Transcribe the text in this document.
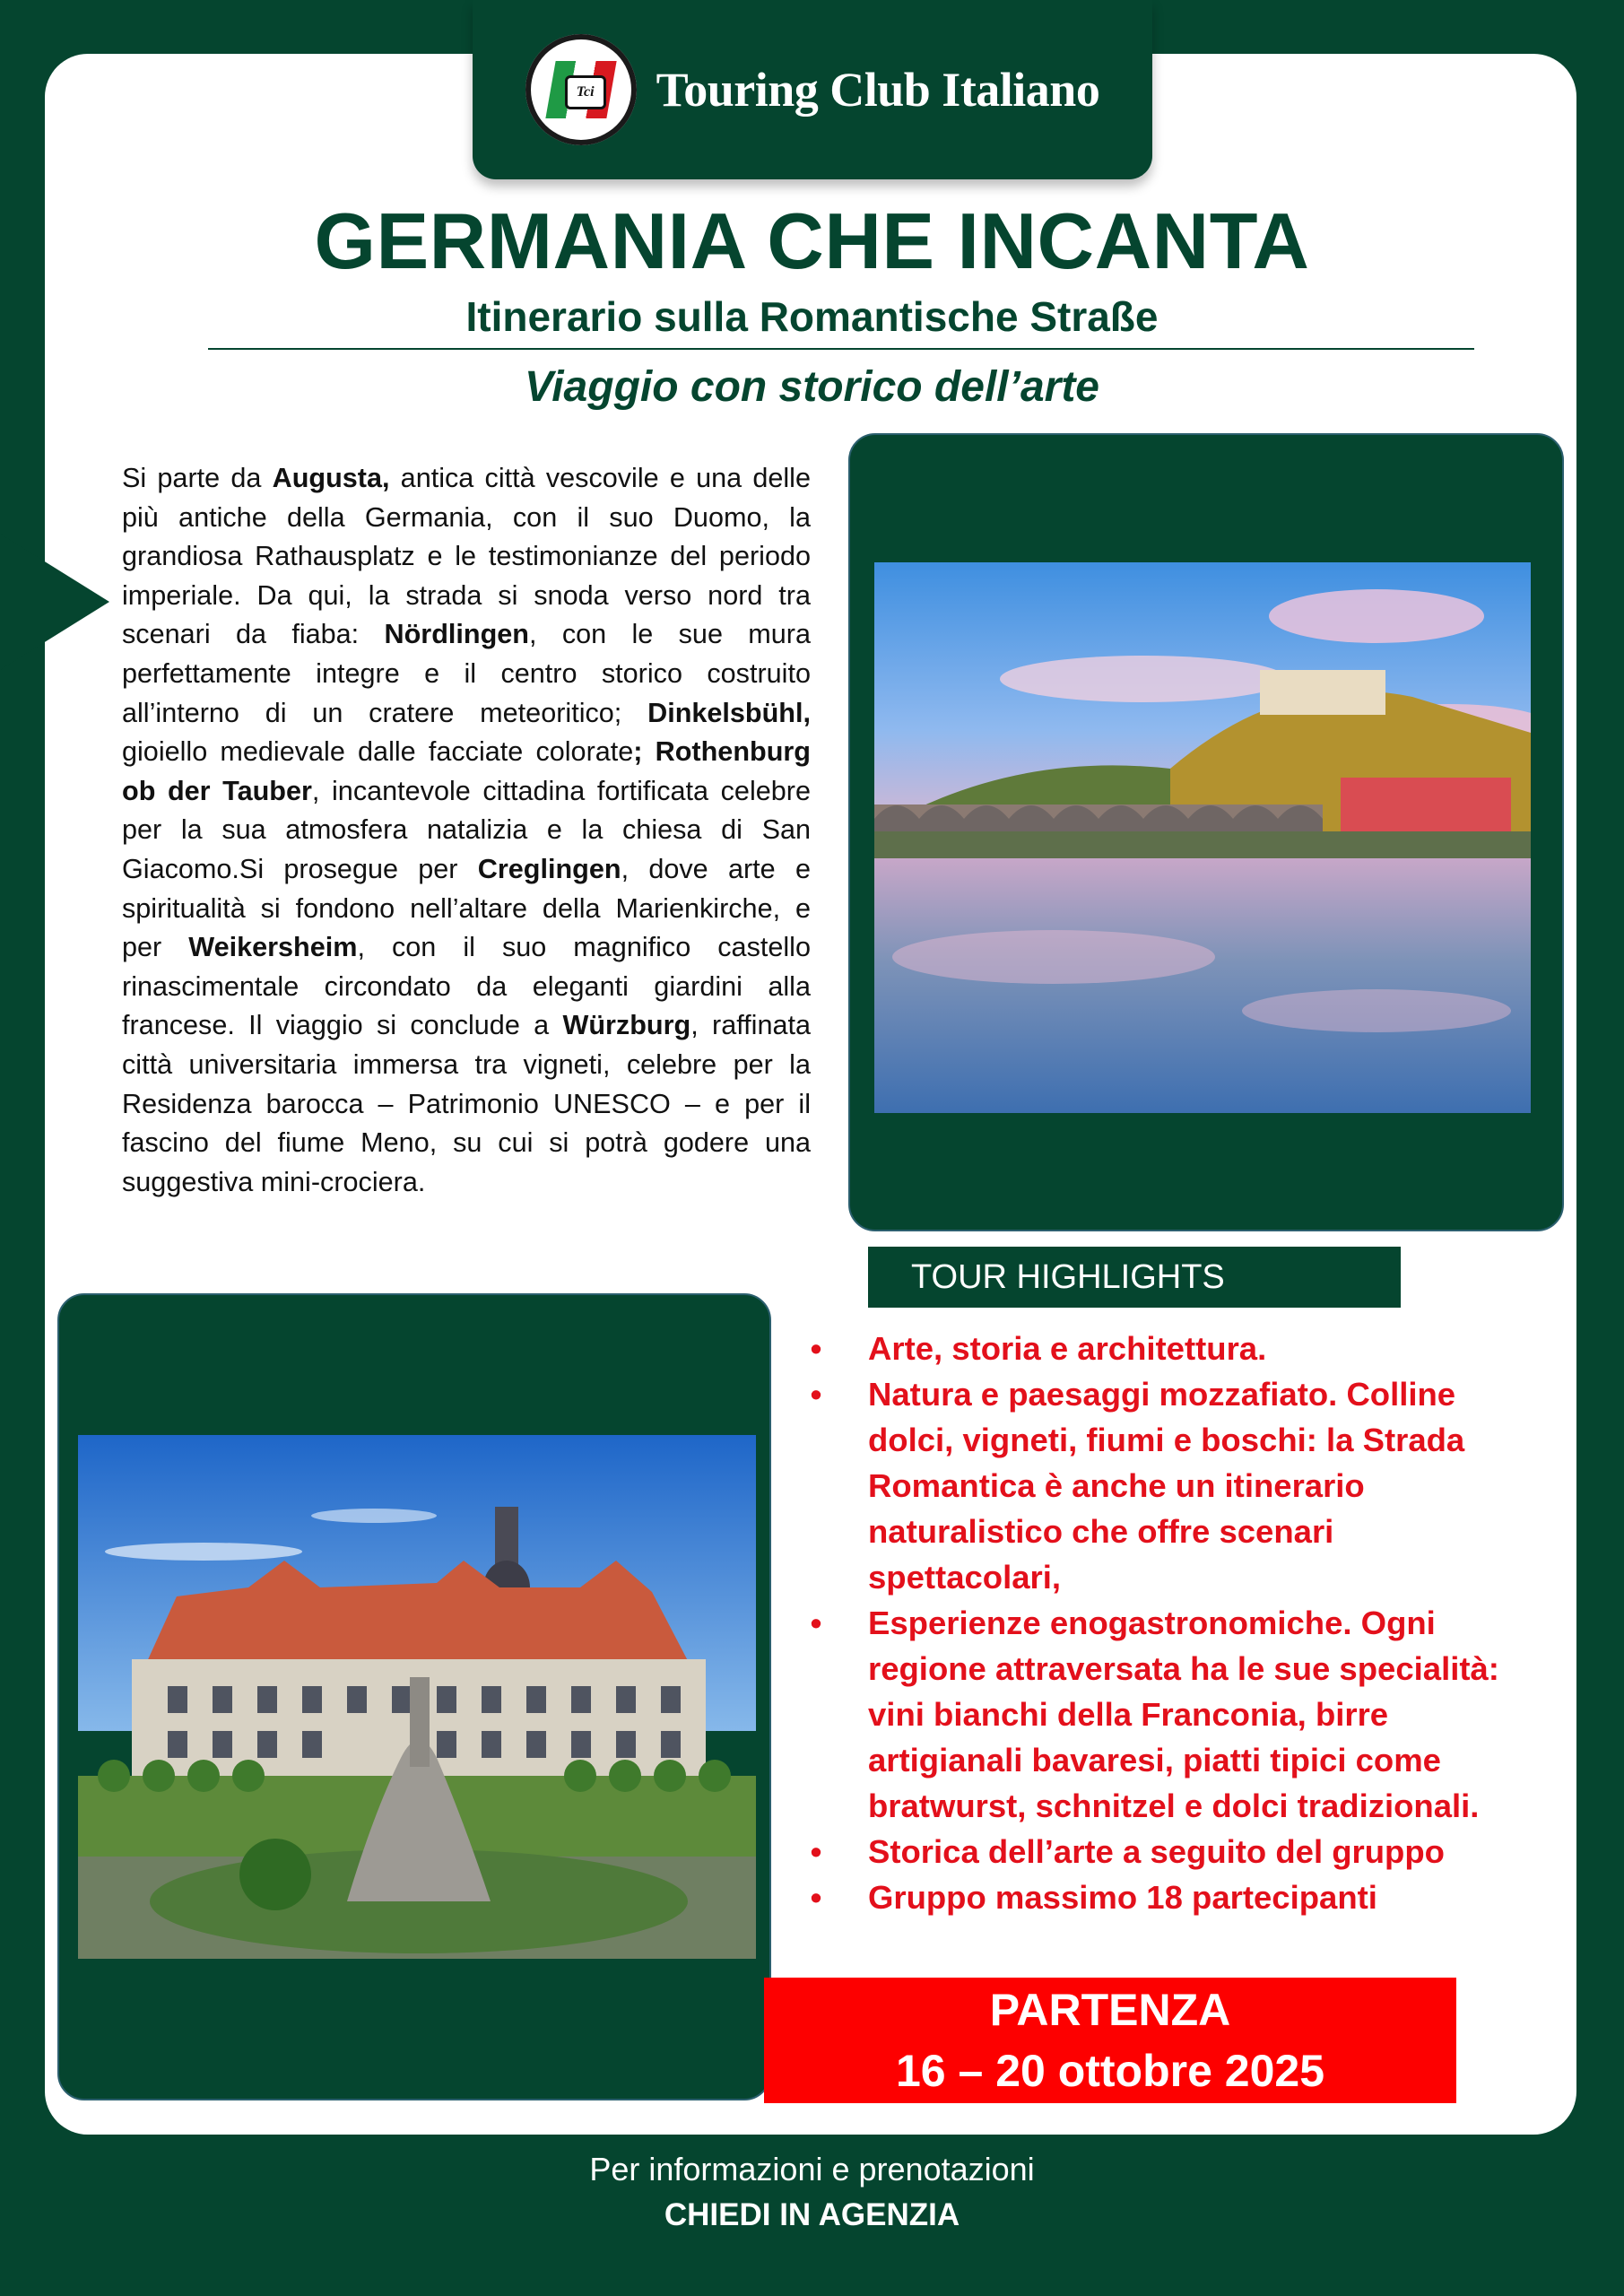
Tci Touring Club Italiano
GERMANIA CHE INCANTA
Itinerario sulla Romantische Straße
Viaggio con storico dell’arte

Si parte da Augusta, antica città vescovile e una delle più antiche della Germania, con il suo Duomo, la grandiosa Rathausplatz e le testimonianze del periodo imperiale. Da qui, la strada si snoda verso nord tra scenari da fiaba: Nördlingen, con le sue mura perfettamente integre e il centro storico costruito all’interno di un cratere meteoritico; Dinkelsbühl, gioiello medievale dalle facciate colorate; Rothenburg ob der Tauber, incantevole cittadina fortificata celebre per la sua atmosfera natalizia e la chiesa di San Giacomo.Si prosegue per Creglingen, dove arte e spiritualità si fondono nell’altare della Marienkirche, e per Weikersheim, con il suo magnifico castello rinascimentale circondato da eleganti giardini alla francese. Il viaggio si conclude a Würzburg, raffinata città universitaria immersa tra vigneti, celebre per la Residenza barocca – Patrimonio UNESCO – e per il fascino del fiume Meno, su cui si potrà godere una suggestiva mini-crociera.

TOUR HIGHLIGHTS
• Arte, storia e architettura.
• Natura e paesaggi mozzafiato. Colline dolci, vigneti, fiumi e boschi: la Strada Romantica è anche un itinerario naturalistico che offre scenari spettacolari,
• Esperienze enogastronomiche. Ogni regione attraversata ha le sue specialità: vini bianchi della Franconia, birre artigianali bavaresi, piatti tipici come bratwurst, schnitzel e dolci tradizionali.
• Storica dell’arte a seguito del gruppo
• Gruppo massimo 18 partecipanti
PARTENZA
16 – 20 ottobre 2025

Per informazioni e prenotazioni

CHIEDI IN AGENZIA
